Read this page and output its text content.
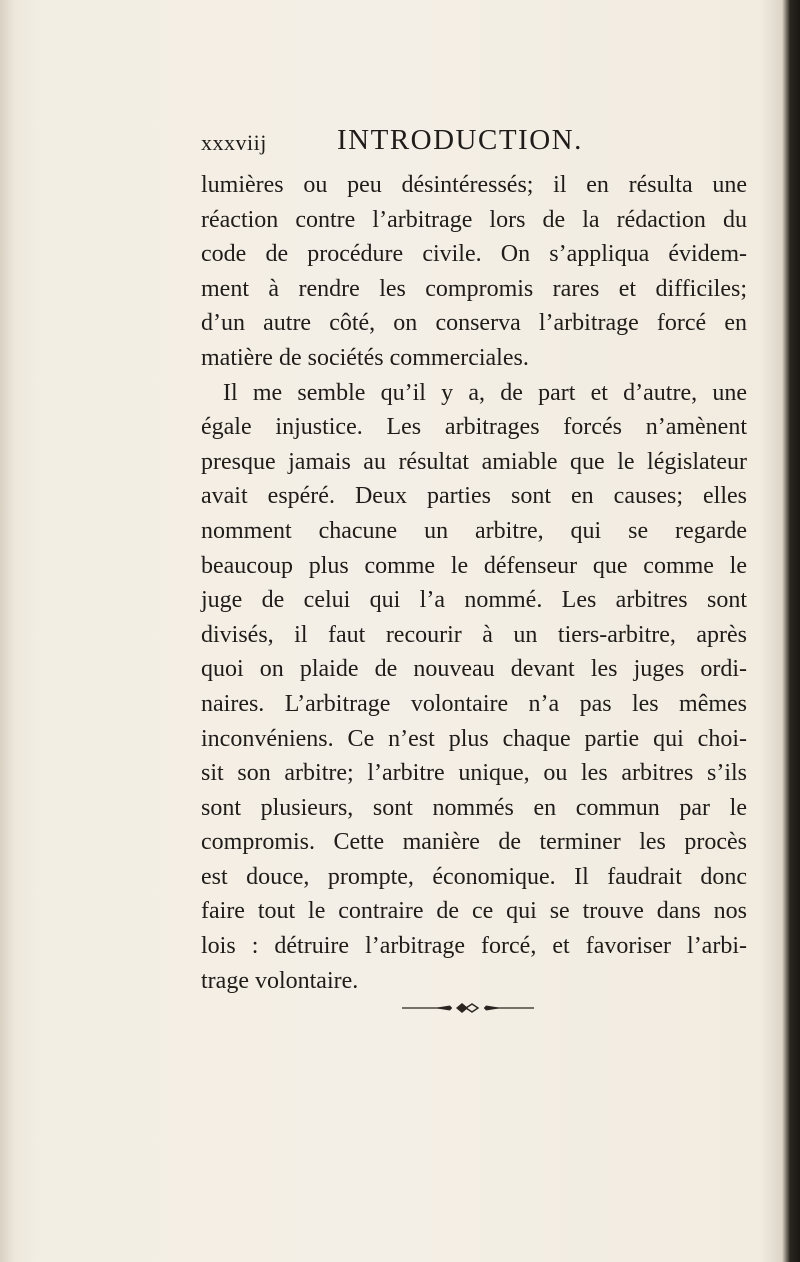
xxxviij INTRODUCTION.
lumières ou peu désintéressés; il en résulta une
réaction contre l’arbitrage lors de la rédaction du
code de procédure civile. On s’appliqua évidem-
ment à rendre les compromis rares et difficiles;
d’un autre côté, on conserva l’arbitrage forcé en
matière de sociétés commerciales.
Il me semble qu’il y a, de part et d’autre, une
égale injustice. Les arbitrages forcés n’amènent
presque jamais au résultat amiable que le législateur
avait espéré. Deux parties sont en causes; elles
nomment chacune un arbitre, qui se regarde
beaucoup plus comme le défenseur que comme le
juge de celui qui l’a nommé. Les arbitres sont
divisés, il faut recourir à un tiers-arbitre, après
quoi on plaide de nouveau devant les juges ordi-
naires. L’arbitrage volontaire n’a pas les mêmes
inconvéniens. Ce n’est plus chaque partie qui choi-
sit son arbitre; l’arbitre unique, ou les arbitres s’ils
sont plusieurs, sont nommés en commun par le
compromis. Cette manière de terminer les procès
est douce, prompte, économique. Il faudrait donc
faire tout le contraire de ce qui se trouve dans nos
lois : détruire l’arbitrage forcé, et favoriser l’arbi-
trage volontaire.
